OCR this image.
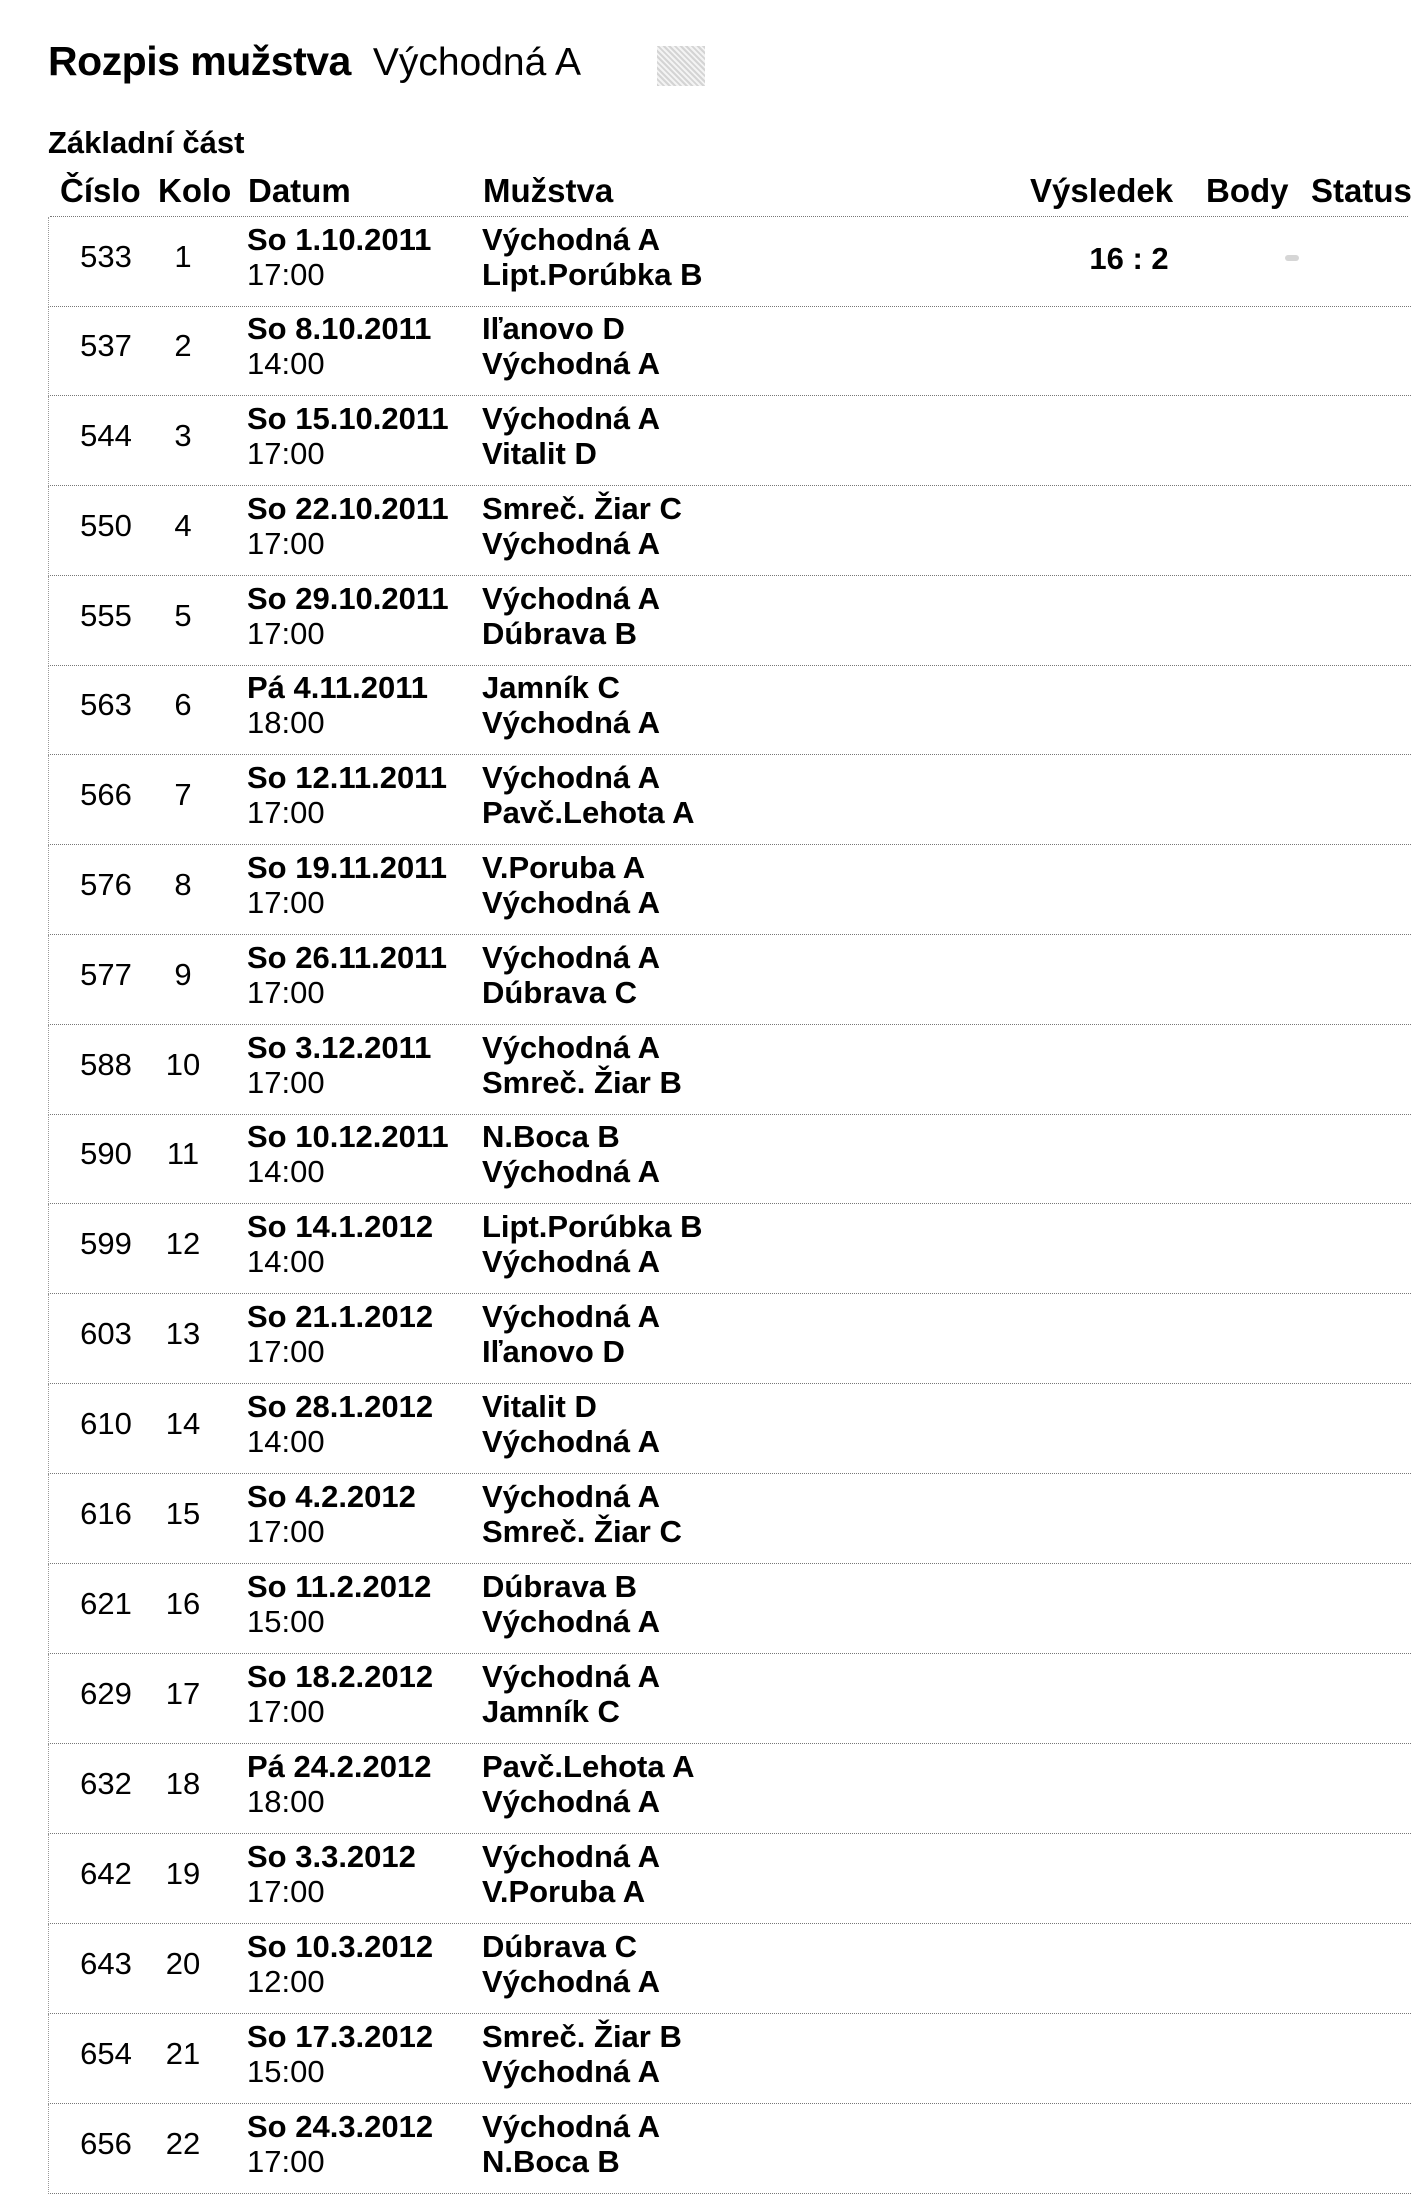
Rozpis mužstva Východná A
Základní část
Číslo Kolo Datum	Mužstva	Výsledek Body Status
533	1	So 1.10.2011
17:00
Východná A
Lipt.Porúbka B	16 : 2
537	2	So 8.10.2011
14:00
Iľanovo D
Východná A
544	3	So 15.10.2011
17:00
Východná A
Vitalit D
550	4	So 22.10.2011
17:00
Smreč. Žiar C
Východná A
555	5	So 29.10.2011
17:00
Východná A
Dúbrava B
563	6	Pá 4.11.2011
18:00
Jamník C
Východná A
566	7	So 12.11.2011
17:00
Východná A
Pavč.Lehota A
576	8	So 19.11.2011
17:00
V.Poruba A
Východná A
577	9	So 26.11.2011
17:00
Východná A
Dúbrava C
588	10	So 3.12.2011
17:00
Východná A
Smreč. Žiar B
590	11	So 10.12.2011
14:00
N.Boca B
Východná A
599	12	So 14.1.2012
14:00
Lipt.Porúbka B
Východná A
603	13	So 21.1.2012
17:00
Východná A
Iľanovo D
610	14	So 28.1.2012
14:00
Vitalit D
Východná A
616	15	So 4.2.2012
17:00
Východná A
Smreč. Žiar C
621	16	So 11.2.2012
15:00
Dúbrava B
Východná A
629	17	So 18.2.2012
17:00
Východná A
Jamník C
632	18	Pá 24.2.2012
18:00
Pavč.Lehota A
Východná A
642	19	So 3.3.2012
17:00
Východná A
V.Poruba A
643	20	So 10.3.2012
12:00
Dúbrava C
Východná A
654	21	So 17.3.2012
15:00
Smreč. Žiar B
Východná A
656	22	So 24.3.2012
17:00
Východná A
N.Boca B
